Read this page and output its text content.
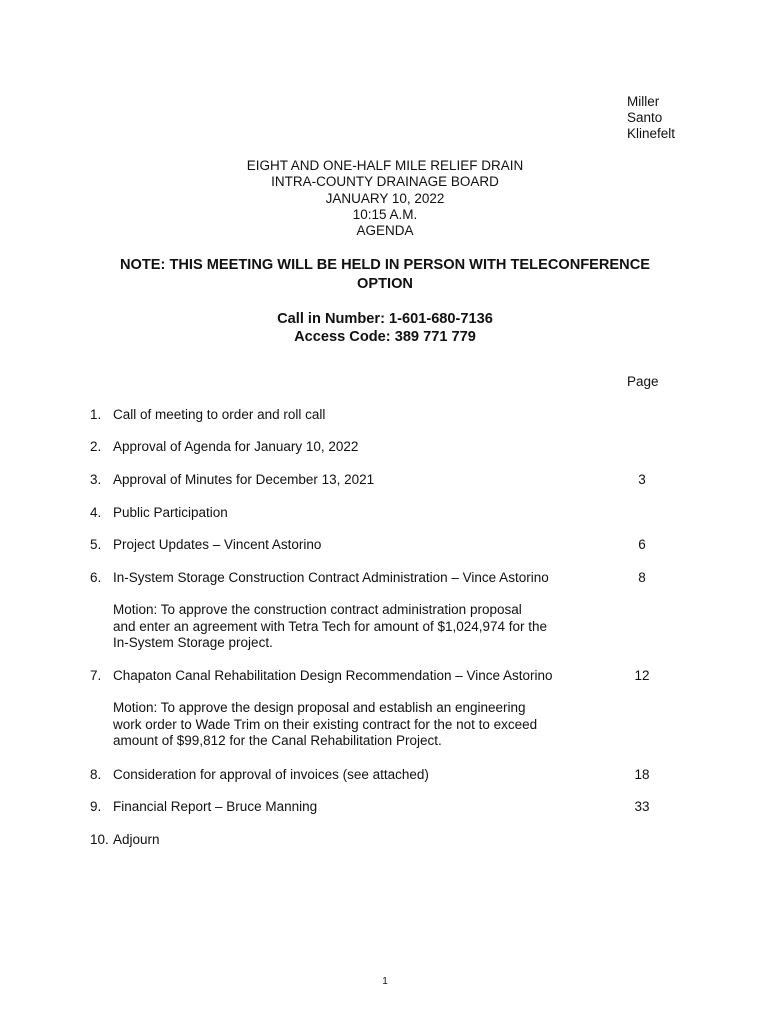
Miller
Santo
Klinefelt
EIGHT AND ONE-HALF MILE RELIEF DRAIN
INTRA-COUNTY DRAINAGE BOARD
JANUARY 10, 2022
10:15 A.M.
AGENDA
NOTE: THIS MEETING WILL BE HELD IN PERSON WITH TELECONFERENCE
OPTION
Call in Number: 1-601-680-7136
Access Code: 389 771 779
Page
1. Call of meeting to order and roll call
2. Approval of Agenda for January 10, 2022
3. Approval of Minutes for December 13, 2021	3
4. Public Participation
5. Project Updates – Vincent Astorino	6
6. In-System Storage Construction Contract Administration – Vince Astorino	8
Motion: To approve the construction contract administration proposal
and enter an agreement with Tetra Tech for amount of $1,024,974 for the
In-System Storage project.
7. Chapaton Canal Rehabilitation Design Recommendation – Vince Astorino	12
Motion: To approve the design proposal and establish an engineering
work order to Wade Trim on their existing contract for the not to exceed
amount of $99,812 for the Canal Rehabilitation Project.
8. Consideration for approval of invoices (see attached)	18
9. Financial Report – Bruce Manning	33
10. Adjourn
1
